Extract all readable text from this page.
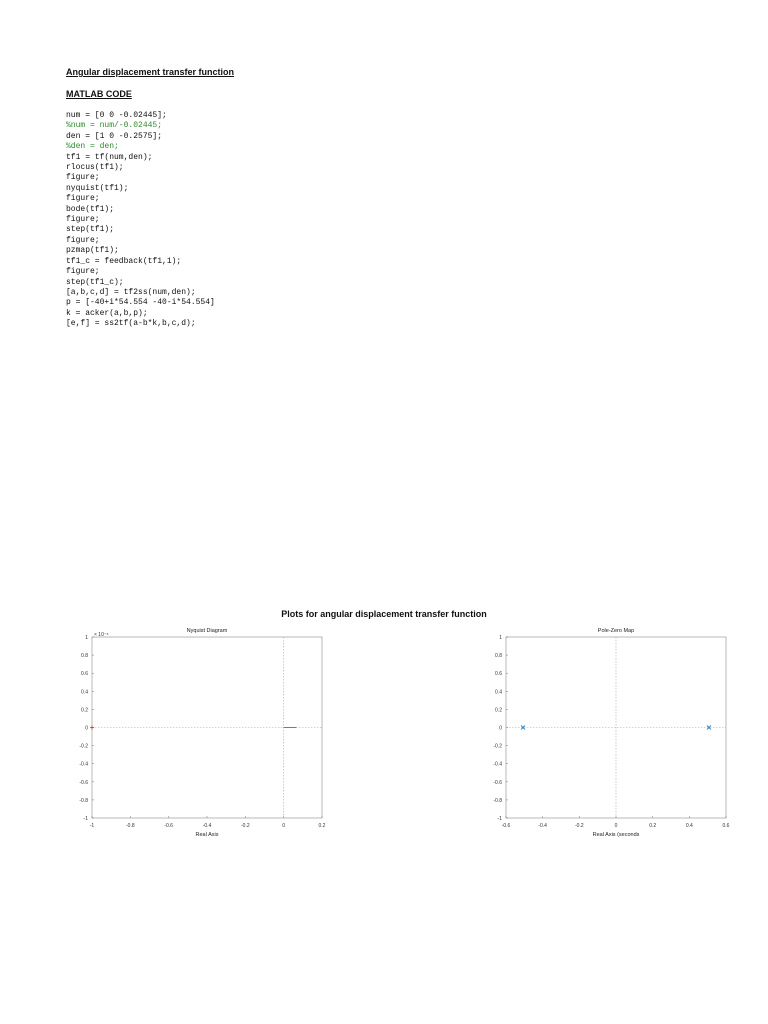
Angular displacement transfer function
MATLAB CODE
num = [0 0 -0.02445];
%num = num/-0.02445;
den = [1 0 -0.2575];
%den = den;
tf1 = tf(num,den);
rlocus(tf1);
figure;
nyquist(tf1);
figure;
bode(tf1);
figure;
step(tf1);
figure;
pzmap(tf1);
tf1_c = feedback(tf1,1);
figure;
step(tf1_c);
[a,b,c,d] = tf2ss(num,den);
p = [-40+i*54.554 -40-i*54.554]
k = acker(a,b,p);
[e,f] = ss2tf(a-b*k,b,c,d);
Plots for angular displacement transfer function
Nyquist Diagram
Real Axis
-1	-0.8	-0.6	-0.4	-0.2	0	0.2
1
0.8
0.6
0.4
0.2
0
-0.2
-0.4
-0.6
-0.8
-1
× 10⁻⁶
Pole-Zero Map
Real Axis (seconds
-0.6	-0.4	-0.2	0	0.2	0.4	0.6
1
0.8
0.6
0.4
0.2
0
-0.2
-0.4
-0.6
-0.8
-1
